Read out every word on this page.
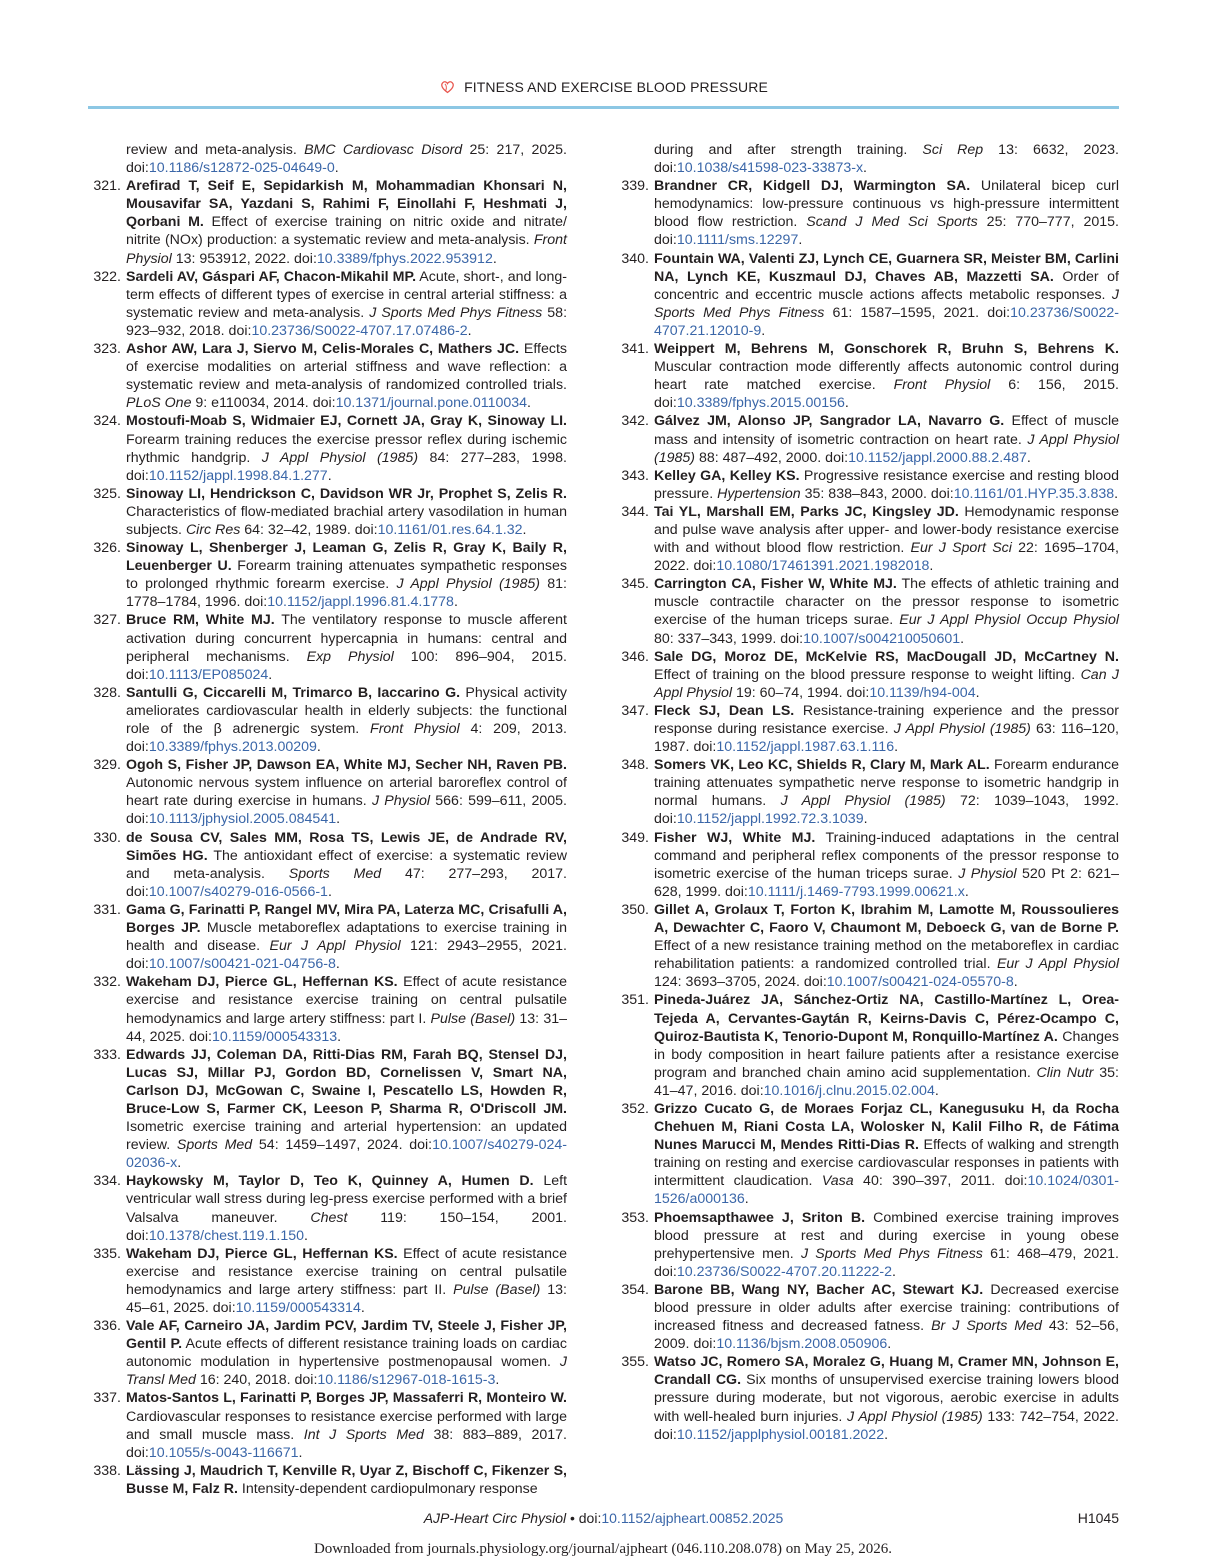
FITNESS AND EXERCISE BLOOD PRESSURE

review and meta-analysis. BMC Cardiovasc Disord 25: 217, 2025. doi:10.1186/s12872-025-04649-0.

321. Arefirad T, Seif E, Sepidarkish M, Mohammadian Khonsari N, Mousavifar SA, Yazdani S, Rahimi F, Einollahi F, Heshmati J, Qorbani M. Effect of exercise training on nitric oxide and nitrate/ nitrite (NOx) production: a systematic review and meta-analysis. Front Physiol 13: 953912, 2022. doi:10.3389/fphys.2022.953912.

322. Sardeli AV, Gáspari AF, Chacon-Mikahil MP. Acute, short-, and long-term effects of different types of exercise in central arterial stiffness: a systematic review and meta-analysis. J Sports Med Phys Fitness 58: 923–932, 2018. doi:10.23736/S0022-4707.17.07486-2.

323. Ashor AW, Lara J, Siervo M, Celis-Morales C, Mathers JC. Effects of exercise modalities on arterial stiffness and wave reflection: a systematic review and meta-analysis of randomized controlled trials. PLoS One 9: e110034, 2014. doi:10.1371/journal.pone.0110034.

324. Mostoufi-Moab S, Widmaier EJ, Cornett JA, Gray K, Sinoway LI. Forearm training reduces the exercise pressor reflex during ischemic rhythmic handgrip. J Appl Physiol (1985) 84: 277–283, 1998. doi:10.1152/jappl.1998.84.1.277.

325. Sinoway LI, Hendrickson C, Davidson WR Jr, Prophet S, Zelis R. Characteristics of flow-mediated brachial artery vasodilation in human subjects. Circ Res 64: 32–42, 1989. doi:10.1161/01.res.64.1.32.

326. Sinoway L, Shenberger J, Leaman G, Zelis R, Gray K, Baily R, Leuenberger U. Forearm training attenuates sympathetic responses to prolonged rhythmic forearm exercise. J Appl Physiol (1985) 81: 1778–1784, 1996. doi:10.1152/jappl.1996.81.4.1778.

327. Bruce RM, White MJ. The ventilatory response to muscle afferent activation during concurrent hypercapnia in humans: central and peripheral mechanisms. Exp Physiol 100: 896–904, 2015. doi:10.1113/EP085024.

328. Santulli G, Ciccarelli M, Trimarco B, Iaccarino G. Physical activity ameliorates cardiovascular health in elderly subjects: the functional role of the β adrenergic system. Front Physiol 4: 209, 2013. doi:10.3389/fphys.2013.00209.

329. Ogoh S, Fisher JP, Dawson EA, White MJ, Secher NH, Raven PB. Autonomic nervous system influence on arterial baroreflex control of heart rate during exercise in humans. J Physiol 566: 599–611, 2005. doi:10.1113/jphysiol.2005.084541.

330. de Sousa CV, Sales MM, Rosa TS, Lewis JE, de Andrade RV, Simões HG. The antioxidant effect of exercise: a systematic review and meta-analysis. Sports Med 47: 277–293, 2017. doi:10.1007/s40279-016-0566-1.

331. Gama G, Farinatti P, Rangel MV, Mira PA, Laterza MC, Crisafulli A, Borges JP. Muscle metaboreflex adaptations to exercise training in health and disease. Eur J Appl Physiol 121: 2943–2955, 2021. doi:10.1007/s00421-021-04756-8.

332. Wakeham DJ, Pierce GL, Heffernan KS. Effect of acute resistance exercise and resistance exercise training on central pulsatile hemodynamics and large artery stiffness: part I. Pulse (Basel) 13: 31–44, 2025. doi:10.1159/000543313.

333. Edwards JJ, Coleman DA, Ritti-Dias RM, Farah BQ, Stensel DJ, Lucas SJ, Millar PJ, Gordon BD, Cornelissen V, Smart NA, Carlson DJ, McGowan C, Swaine I, Pescatello LS, Howden R, Bruce-Low S, Farmer CK, Leeson P, Sharma R, O'Driscoll JM. Isometric exercise training and arterial hypertension: an updated review. Sports Med 54: 1459–1497, 2024. doi:10.1007/s40279-024-02036-x.

334. Haykowsky M, Taylor D, Teo K, Quinney A, Humen D. Left ventricular wall stress during leg-press exercise performed with a brief Valsalva maneuver. Chest 119: 150–154, 2001. doi:10.1378/chest.119.1.150.

335. Wakeham DJ, Pierce GL, Heffernan KS. Effect of acute resistance exercise and resistance exercise training on central pulsatile hemodynamics and large artery stiffness: part II. Pulse (Basel) 13: 45–61, 2025. doi:10.1159/000543314.

336. Vale AF, Carneiro JA, Jardim PCV, Jardim TV, Steele J, Fisher JP, Gentil P. Acute effects of different resistance training loads on cardiac autonomic modulation in hypertensive postmenopausal women. J Transl Med 16: 240, 2018. doi:10.1186/s12967-018-1615-3.

337. Matos-Santos L, Farinatti P, Borges JP, Massaferri R, Monteiro W. Cardiovascular responses to resistance exercise performed with large and small muscle mass. Int J Sports Med 38: 883–889, 2017. doi:10.1055/s-0043-116671.

338. Lässing J, Maudrich T, Kenville R, Uyar Z, Bischoff C, Fikenzer S, Busse M, Falz R. Intensity-dependent cardiopulmonary response

during and after strength training. Sci Rep 13: 6632, 2023. doi:10.1038/s41598-023-33873-x.

339. Brandner CR, Kidgell DJ, Warmington SA. Unilateral bicep curl hemodynamics: low-pressure continuous vs high-pressure intermittent blood flow restriction. Scand J Med Sci Sports 25: 770–777, 2015. doi:10.1111/sms.12297.

340. Fountain WA, Valenti ZJ, Lynch CE, Guarnera SR, Meister BM, Carlini NA, Lynch KE, Kuszmaul DJ, Chaves AB, Mazzetti SA. Order of concentric and eccentric muscle actions affects metabolic responses. J Sports Med Phys Fitness 61: 1587–1595, 2021. doi:10.23736/S0022-4707.21.12010-9.

341. Weippert M, Behrens M, Gonschorek R, Bruhn S, Behrens K. Muscular contraction mode differently affects autonomic control during heart rate matched exercise. Front Physiol 6: 156, 2015. doi:10.3389/fphys.2015.00156.

342. Gálvez JM, Alonso JP, Sangrador LA, Navarro G. Effect of muscle mass and intensity of isometric contraction on heart rate. J Appl Physiol (1985) 88: 487–492, 2000. doi:10.1152/jappl.2000.88.2.487.

343. Kelley GA, Kelley KS. Progressive resistance exercise and resting blood pressure. Hypertension 35: 838–843, 2000. doi:10.1161/01.HYP.35.3.838.

344. Tai YL, Marshall EM, Parks JC, Kingsley JD. Hemodynamic response and pulse wave analysis after upper- and lower-body resistance exercise with and without blood flow restriction. Eur J Sport Sci 22: 1695–1704, 2022. doi:10.1080/17461391.2021.1982018.

345. Carrington CA, Fisher W, White MJ. The effects of athletic training and muscle contractile character on the pressor response to isometric exercise of the human triceps surae. Eur J Appl Physiol Occup Physiol 80: 337–343, 1999. doi:10.1007/s004210050601.

346. Sale DG, Moroz DE, McKelvie RS, MacDougall JD, McCartney N. Effect of training on the blood pressure response to weight lifting. Can J Appl Physiol 19: 60–74, 1994. doi:10.1139/h94-004.

347. Fleck SJ, Dean LS. Resistance-training experience and the pressor response during resistance exercise. J Appl Physiol (1985) 63: 116–120, 1987. doi:10.1152/jappl.1987.63.1.116.

348. Somers VK, Leo KC, Shields R, Clary M, Mark AL. Forearm endurance training attenuates sympathetic nerve response to isometric handgrip in normal humans. J Appl Physiol (1985) 72: 1039–1043, 1992. doi:10.1152/jappl.1992.72.3.1039.

349. Fisher WJ, White MJ. Training-induced adaptations in the central command and peripheral reflex components of the pressor response to isometric exercise of the human triceps surae. J Physiol 520 Pt 2: 621–628, 1999. doi:10.1111/j.1469-7793.1999.00621.x.

350. Gillet A, Grolaux T, Forton K, Ibrahim M, Lamotte M, Roussoulieres A, Dewachter C, Faoro V, Chaumont M, Deboeck G, van de Borne P. Effect of a new resistance training method on the metaboreflex in cardiac rehabilitation patients: a randomized controlled trial. Eur J Appl Physiol 124: 3693–3705, 2024. doi:10.1007/s00421-024-05570-8.

351. Pineda-Juárez JA, Sánchez-Ortiz NA, Castillo-Martínez L, Orea-Tejeda A, Cervantes-Gaytán R, Keirns-Davis C, Pérez-Ocampo C, Quiroz-Bautista K, Tenorio-Dupont M, Ronquillo-Martínez A. Changes in body composition in heart failure patients after a resistance exercise program and branched chain amino acid supplementation. Clin Nutr 35: 41–47, 2016. doi:10.1016/j.clnu.2015.02.004.

352. Grizzo Cucato G, de Moraes Forjaz CL, Kanegusuku H, da Rocha Chehuen M, Riani Costa LA, Wolosker N, Kalil Filho R, de Fátima Nunes Marucci M, Mendes Ritti-Dias R. Effects of walking and strength training on resting and exercise cardiovascular responses in patients with intermittent claudication. Vasa 40: 390–397, 2011. doi:10.1024/0301-1526/a000136.

353. Phoemsapthawee J, Sriton B. Combined exercise training improves blood pressure at rest and during exercise in young obese prehypertensive men. J Sports Med Phys Fitness 61: 468–479, 2021. doi:10.23736/S0022-4707.20.11222-2.

354. Barone BB, Wang NY, Bacher AC, Stewart KJ. Decreased exercise blood pressure in older adults after exercise training: contributions of increased fitness and decreased fatness. Br J Sports Med 43: 52–56, 2009. doi:10.1136/bjsm.2008.050906.

355. Watso JC, Romero SA, Moralez G, Huang M, Cramer MN, Johnson E, Crandall CG. Six months of unsupervised exercise training lowers blood pressure during moderate, but not vigorous, aerobic exercise in adults with well-healed burn injuries. J Appl Physiol (1985) 133: 742–754, 2022. doi:10.1152/japplphysiol.00181.2022.

AJP-Heart Circ Physiol • doi:10.1152/ajpheart.00852.2025	H1045
Downloaded from journals.physiology.org/journal/ajpheart (046.110.208.078) on May 25, 2026.
